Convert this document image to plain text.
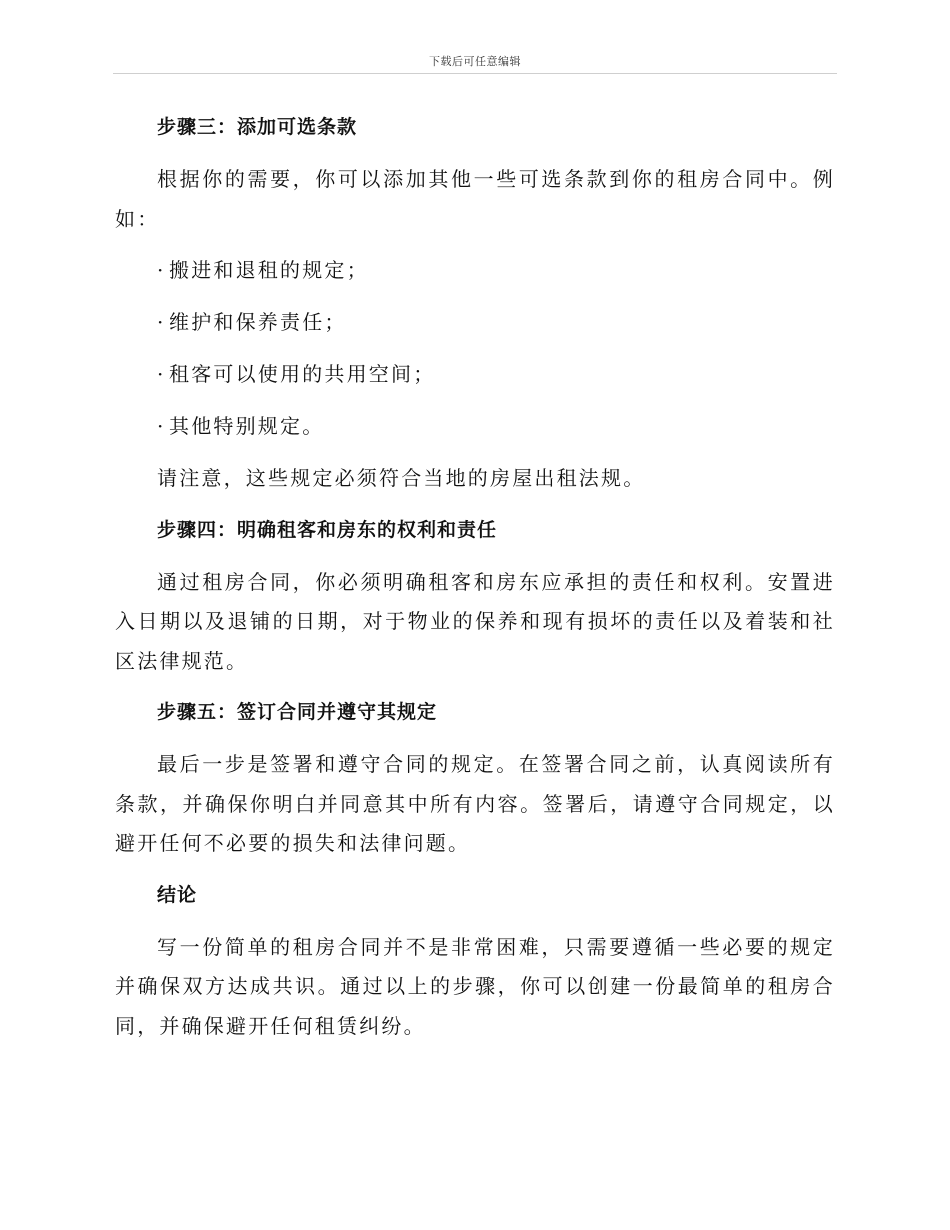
下载后可任意编辑
步骤三：添加可选条款
根据你的需要，你可以添加其他一些可选条款到你的租房合同中。例如：
· 搬进和退租的规定；
· 维护和保养责任；
· 租客可以使用的共用空间；
· 其他特别规定。
请注意，这些规定必须符合当地的房屋出租法规。
步骤四：明确租客和房东的权利和责任
通过租房合同，你必须明确租客和房东应承担的责任和权利。安置进入日期以及退铺的日期，对于物业的保养和现有损坏的责任以及着装和社区法律规范。
步骤五：签订合同并遵守其规定
最后一步是签署和遵守合同的规定。在签署合同之前，认真阅读所有条款，并确保你明白并同意其中所有内容。签署后，请遵守合同规定，以避开任何不必要的损失和法律问题。
结论
写一份简单的租房合同并不是非常困难，只需要遵循一些必要的规定并确保双方达成共识。通过以上的步骤，你可以创建一份最简单的租房合同，并确保避开任何租赁纠纷。
